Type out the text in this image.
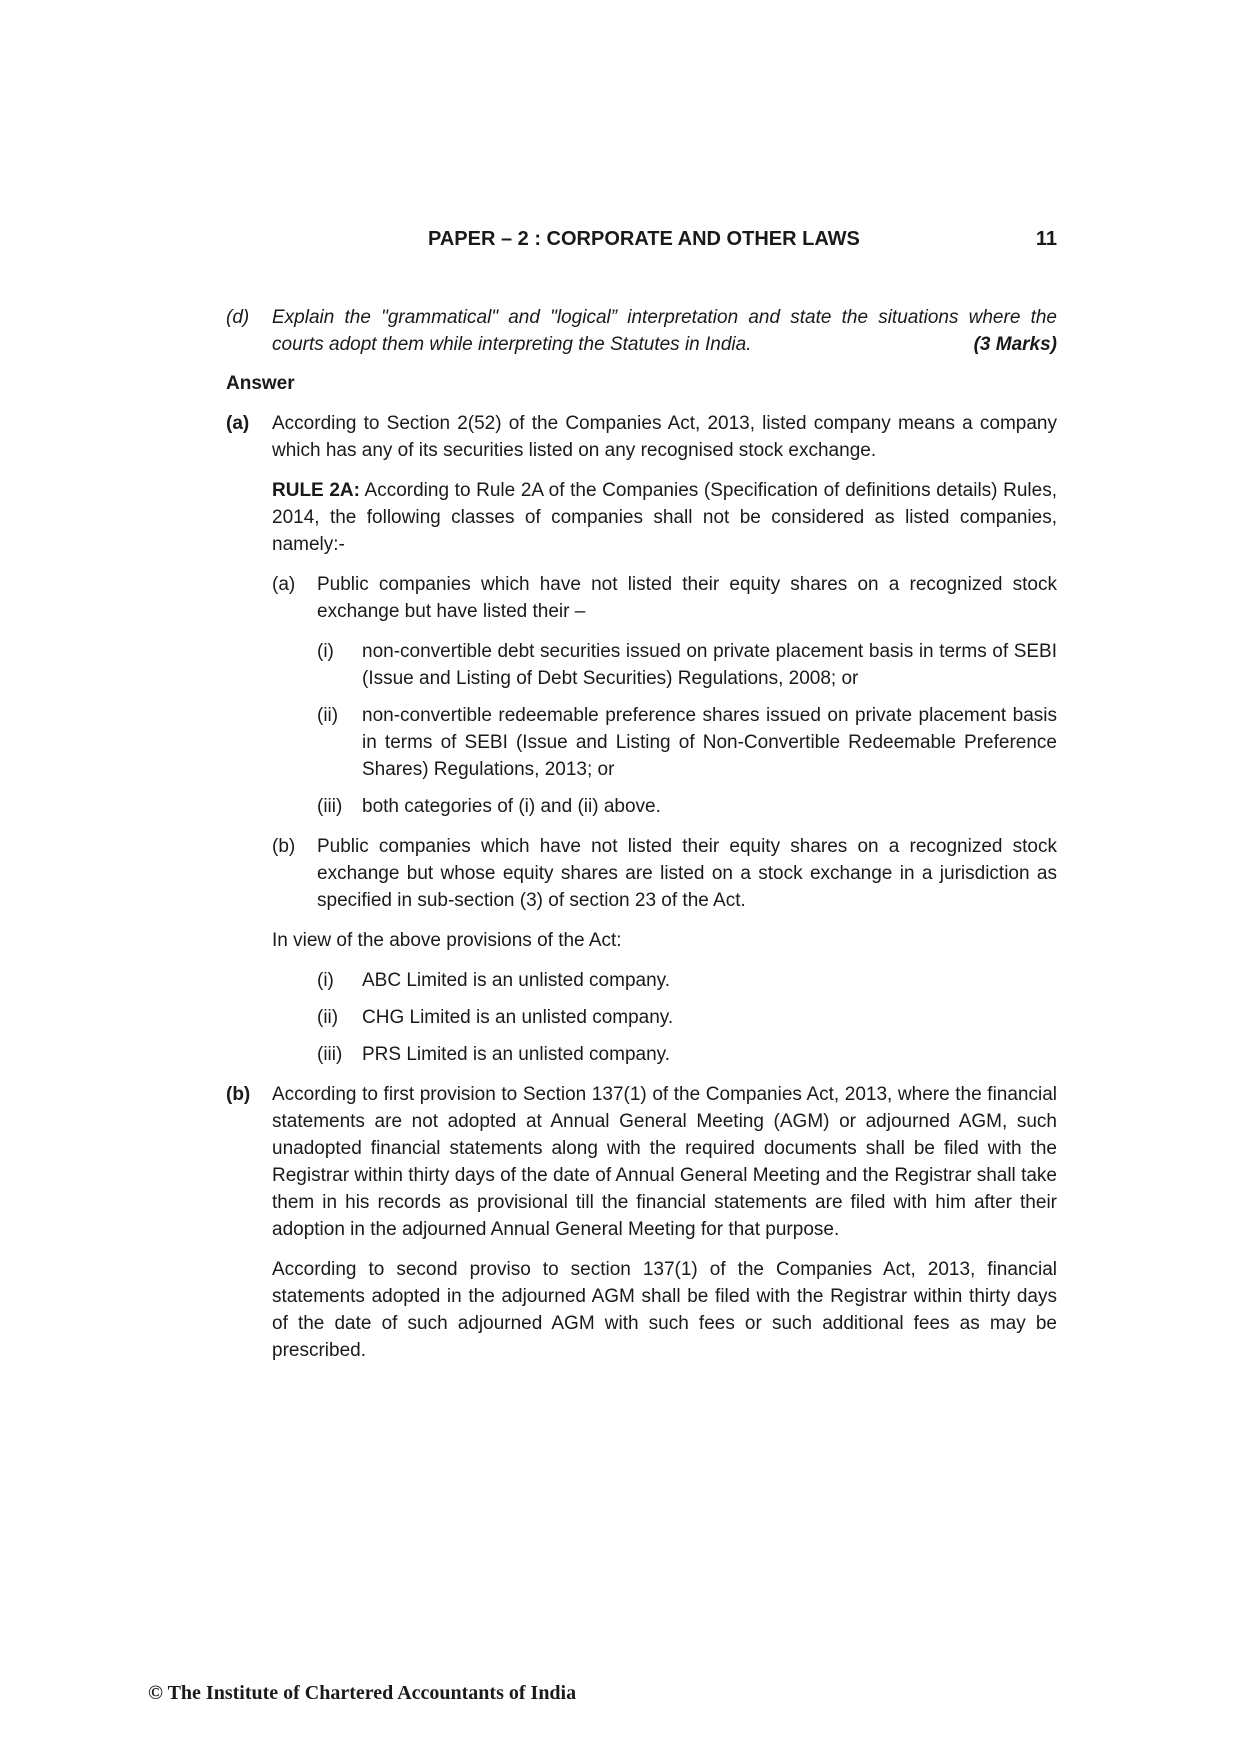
PAPER – 2 : CORPORATE AND OTHER LAWS	11
(d) Explain the "grammatical" and "logical” interpretation and state the situations where the courts adopt them while interpreting the Statutes in India.	(3 Marks)
Answer
(a) According to Section 2(52) of the Companies Act, 2013, listed company means a company which has any of its securities listed on any recognised stock exchange.
RULE 2A: According to Rule 2A of the Companies (Specification of definitions details) Rules, 2014, the following classes of companies shall not be considered as listed companies, namely:-
(a) Public companies which have not listed their equity shares on a recognized stock exchange but have listed their –
(i) non-convertible debt securities issued on private placement basis in terms of SEBI (Issue and Listing of Debt Securities) Regulations, 2008; or
(ii) non-convertible redeemable preference shares issued on private placement basis in terms of SEBI (Issue and Listing of Non-Convertible Redeemable Preference Shares) Regulations, 2013; or
(iii) both categories of (i) and (ii) above.
(b) Public companies which have not listed their equity shares on a recognized stock exchange but whose equity shares are listed on a stock exchange in a jurisdiction as specified in sub-section (3) of section 23 of the Act.
In view of the above provisions of the Act:
(i) ABC Limited is an unlisted company.
(ii) CHG Limited is an unlisted company.
(iii) PRS Limited is an unlisted company.
(b) According to first provision to Section 137(1) of the Companies Act, 2013, where the financial statements are not adopted at Annual General Meeting (AGM) or adjourned AGM, such unadopted financial statements along with the required documents shall be filed with the Registrar within thirty days of the date of Annual General Meeting and the Registrar shall take them in his records as provisional till the financial statements are filed with him after their adoption in the adjourned Annual General Meeting for that purpose.
According to second proviso to section 137(1) of the Companies Act, 2013, financial statements adopted in the adjourned AGM shall be filed with the Registrar within thirty days of the date of such adjourned AGM with such fees or such additional fees as may be prescribed.
© The Institute of Chartered Accountants of India
